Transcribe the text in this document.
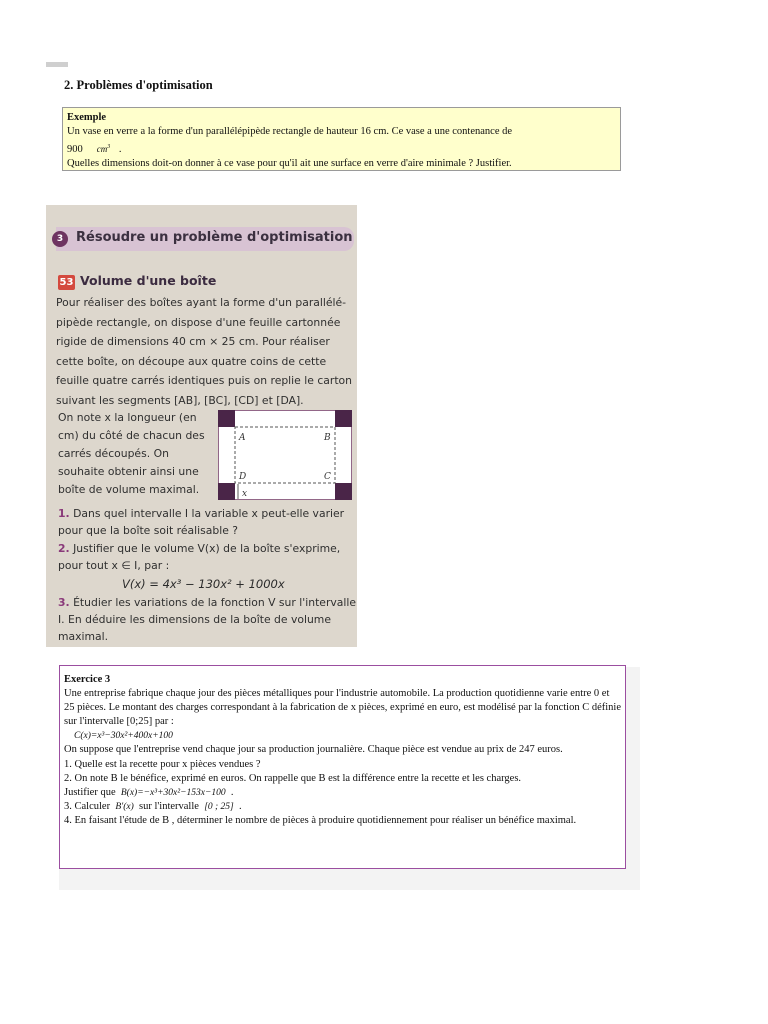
2. Problèmes d'optimisation
Exemple
Un vase en verre a la forme d'un parallélépipède rectangle de hauteur 16 cm. Ce vase a une contenance de
900 $cm^3$ .
Quelles dimensions doit-on donner à ce vase pour qu'il ait une surface en verre d'aire minimale ? Justifier.
3 Résoudre un problème d'optimisation
53 Volume d'une boîte

Pour réaliser des boîtes ayant la forme d'un parallélé-pipède rectangle, on dispose d'une feuille cartonnée rigide de dimensions 40 cm × 25 cm. Pour réaliser cette boîte, on découpe aux quatre coins de cette feuille quatre carrés identiques puis on replie le carton suivant les segments [AB], [BC], [CD] et [DA].

On note x la longueur (en cm) du côté de chacun des carrés découpés. On souhaite obtenir ainsi une boîte de volume maximal.

A	B
C
D
x

1. Dans quel intervalle I la variable x peut-elle varier pour que la boîte soit réalisable ?

2. Justifier que le volume V(x) de la boîte s'exprime, pour tout x ∈ I, par :

V(x) = 4x³ − 130x² + 1000x

3. Étudier les variations de la fonction V sur l'intervalle I. En déduire les dimensions de la boîte de volume maximal.

Exercice 3

Une entreprise fabrique chaque jour des pièces métalliques pour l'industrie automobile. La production quotidienne varie entre 0 et 25 pièces. Le montant des charges correspondant à la fabrication de x pièces, exprimé en euro, est modélisé par la fonction C définie sur l'intervalle [0;25] par :

C(x)=x³−30x²+400x+100

On suppose que l'entreprise vend chaque jour sa production journalière. Chaque pièce est vendue au prix de 247 euros.

1. Quelle est la recette pour x pièces vendues ?

2. On note B le bénéfice, exprimé en euros. On rappelle que B est la différence entre la recette et les charges.

Justifier que B(x)=−x³+30x²−153x−100 .

3. Calculer B′(x) sur l'intervalle [0 ; 25] .

4. En faisant l'étude de B , déterminer le nombre de pièces à produire quotidiennement pour réaliser un bénéfice maximal.
